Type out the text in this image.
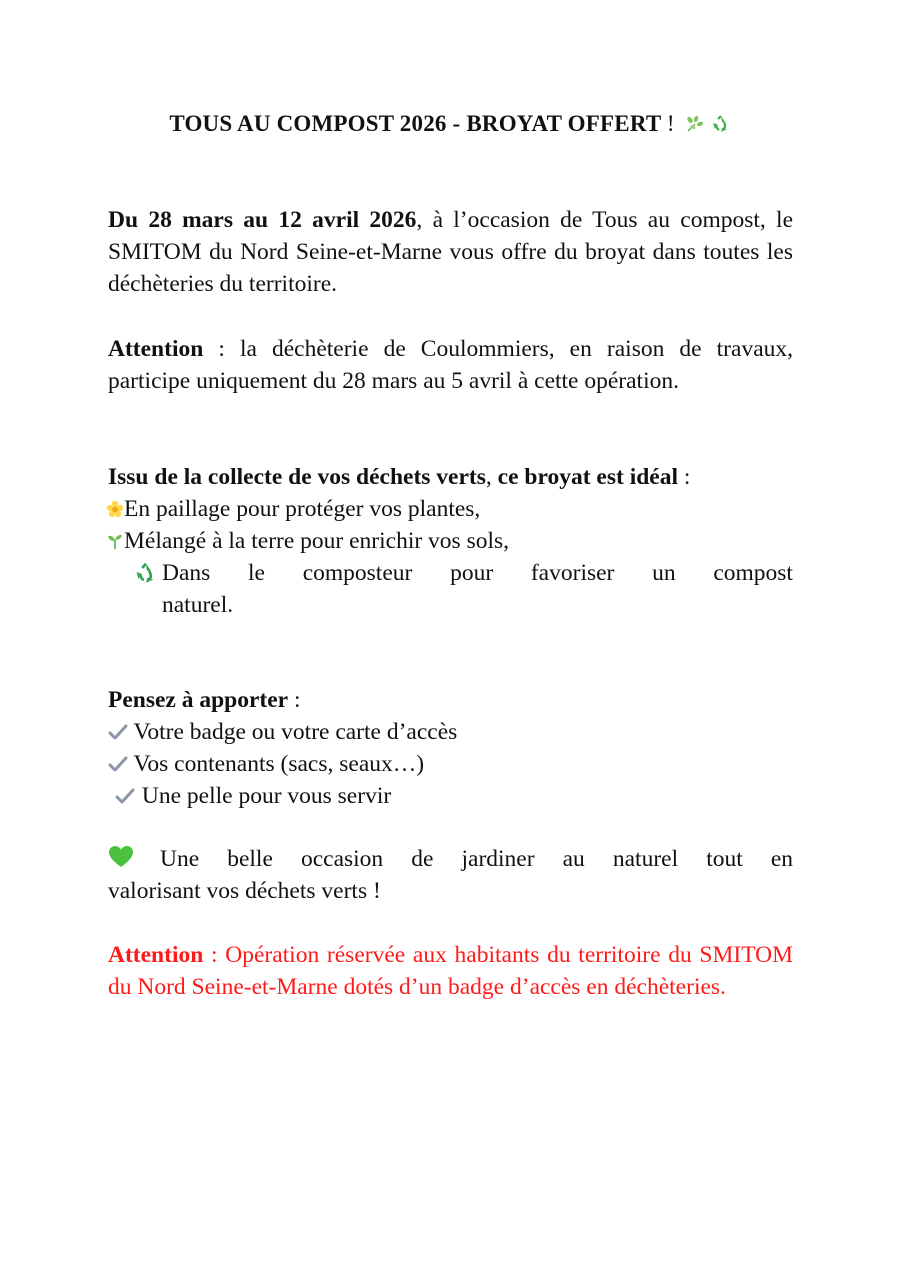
TOUS AU COMPOST 2026 - BROYAT OFFERT !
Du 28 mars au 12 avril 2026, à l’occasion de Tous au compost, le SMITOM du Nord Seine-et-Marne vous offre du broyat dans toutes les déchèteries du territoire.
Attention : la déchèterie de Coulommiers, en raison de travaux, participe uniquement du 28 mars au 5 avril à cette opération.
Issu de la collecte de vos déchets verts, ce broyat est idéal :
En paillage pour protéger vos plantes,
Mélangé à la terre pour enrichir vos sols,
Dans le composteur pour favoriser un compost
naturel.
Pensez à apporter :
Votre badge ou votre carte d’accès
Vos contenants (sacs, seaux…)
Une pelle pour vous servir
Une belle occasion de jardiner au naturel tout en
valorisant vos déchets verts !
Attention : Opération réservée aux habitants du territoire du SMITOM du Nord Seine-et-Marne dotés d’un badge d’accès en déchèteries.
